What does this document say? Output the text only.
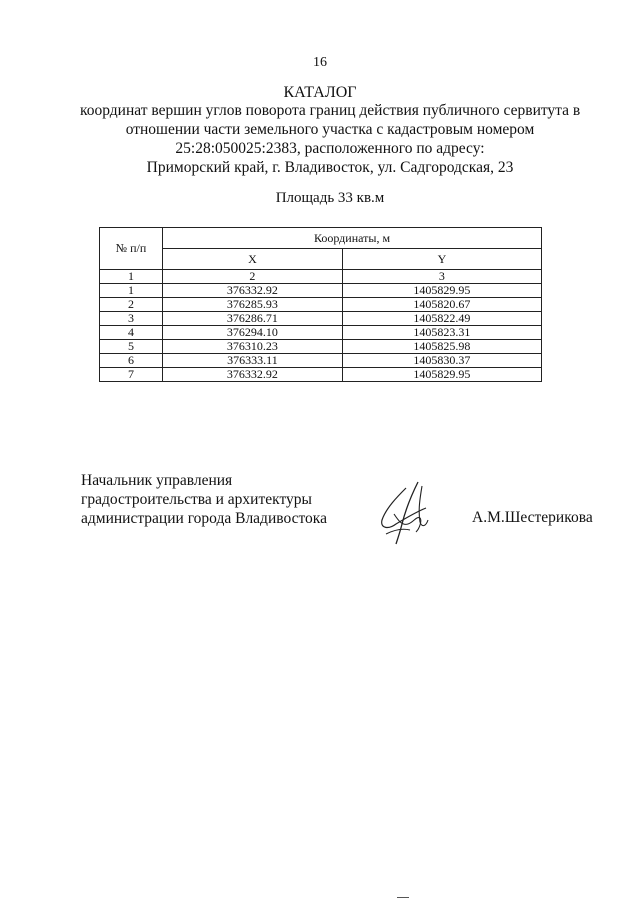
16
КАТАЛОГ
координат вершин углов поворота границ действия публичного сервитута в
отношении части земельного участка с кадастровым номером
25:28:050025:2383, расположенного по адресу:
Приморский край, г. Владивосток, ул. Садгородская, 23
Площадь 33 кв.м
№ п/п	Координаты, м	
	X	Y
1	2	3
1	376332.92	1405829.95
2	376285.93	1405820.67
3	376286.71	1405822.49
4	376294.10	1405823.31
5	376310.23	1405825.98
6	376333.11	1405830.37
7	376332.92	1405829.95
Начальник управления
градостроительства и архитектуры
администрации города Владивостока	А.М.Шестерикова
